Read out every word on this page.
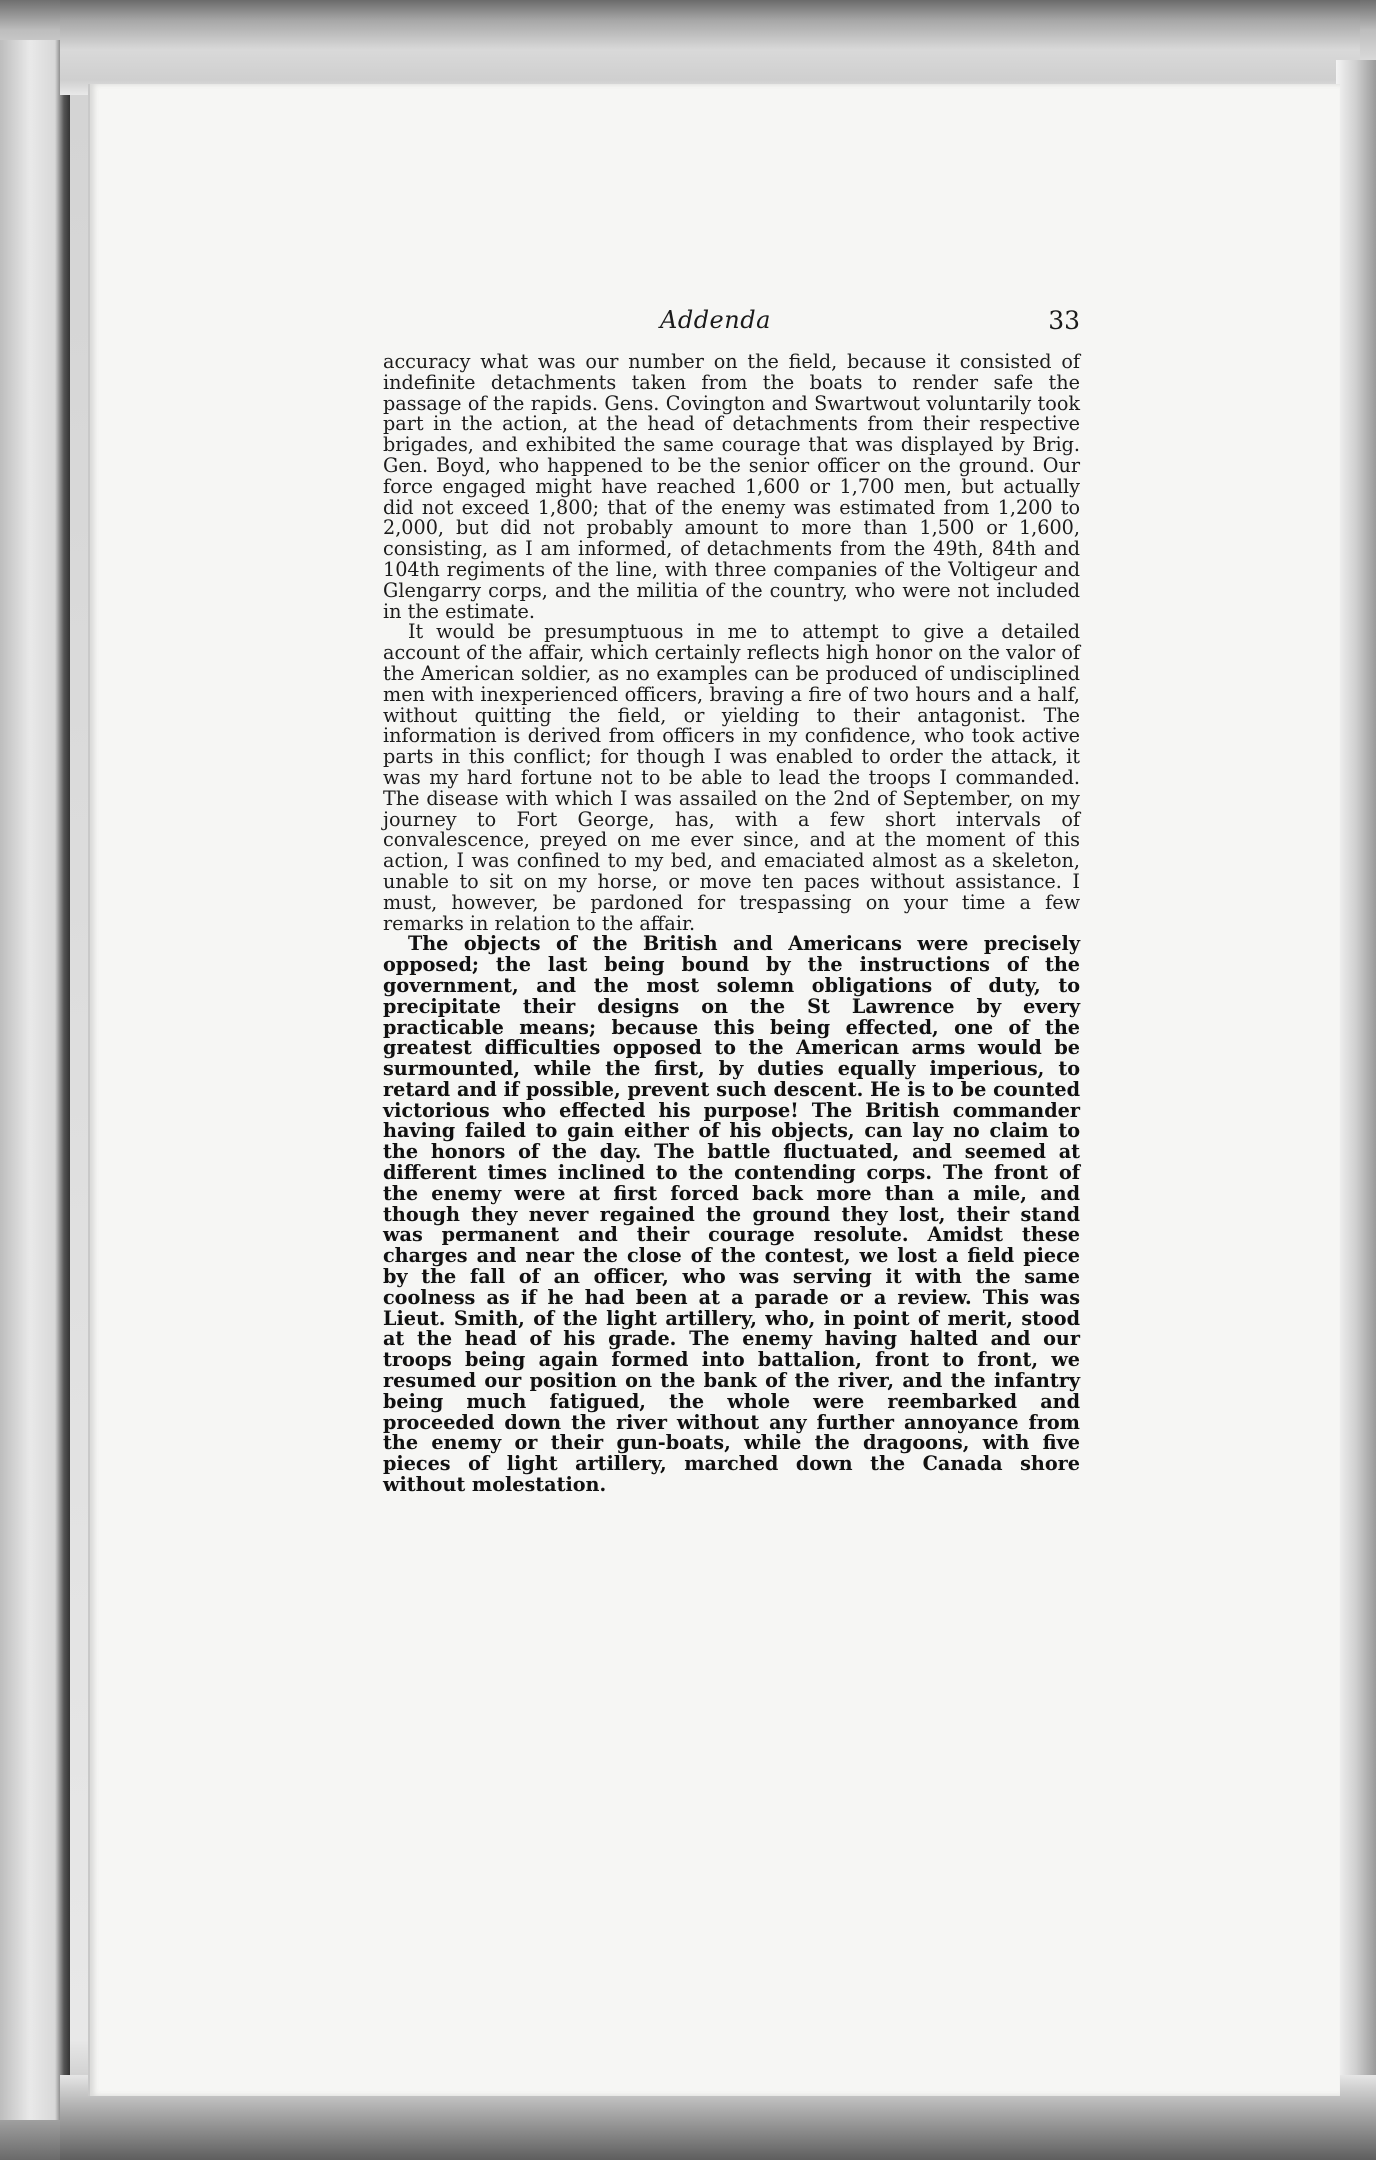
Addenda	33

accuracy what was our number on the field, because it consisted of indefinite detachments taken from the boats to render safe the passage of the rapids. Gens. Covington and Swartwout voluntarily took part in the action, at the head of detachments from their respective brigades, and exhibited the same courage that was displayed by Brig. Gen. Boyd, who happened to be the senior officer on the ground. Our force engaged might have reached 1,600 or 1,700 men, but actually did not exceed 1,800; that of the enemy was estimated from 1,200 to 2,000, but did not probably amount to more than 1,500 or 1,600, consisting, as I am informed, of detachments from the 49th, 84th and 104th regiments of the line, with three companies of the Voltigeur and Glengarry corps, and the militia of the country, who were not included in the estimate.

It would be presumptuous in me to attempt to give a detailed account of the affair, which certainly reflects high honor on the valor of the American soldier, as no examples can be produced of undisciplined men with inexperienced officers, braving a fire of two hours and a half, without quitting the field, or yielding to their antagonist. The information is derived from officers in my confidence, who took active parts in this conflict; for though I was enabled to order the attack, it was my hard fortune not to be able to lead the troops I commanded. The disease with which I was assailed on the 2nd of September, on my journey to Fort George, has, with a few short intervals of convalescence, preyed on me ever since, and at the moment of this action, I was confined to my bed, and emaciated almost as a skeleton, unable to sit on my horse, or move ten paces without assistance. I must, however, be pardoned for trespassing on your time a few remarks in relation to the affair.

The objects of the British and Americans were precisely opposed; the last being bound by the instructions of the government, and the most solemn obligations of duty, to precipitate their designs on the St Lawrence by every practicable means; because this being effected, one of the greatest difficulties opposed to the American arms would be surmounted, while the first, by duties equally imperious, to retard and if possible, prevent such descent. He is to be counted victorious who effected his purpose! The British commander having failed to gain either of his objects, can lay no claim to the honors of the day. The battle fluctuated, and seemed at different times inclined to the contending corps. The front of the enemy were at first forced back more than a mile, and though they never regained the ground they lost, their stand was permanent and their courage resolute. Amidst these charges and near the close of the contest, we lost a field piece by the fall of an officer, who was serving it with the same coolness as if he had been at a parade or a review. This was Lieut. Smith, of the light artillery, who, in point of merit, stood at the head of his grade. The enemy having halted and our troops being again formed into battalion, front to front, we resumed our position on the bank of the river, and the infantry being much fatigued, the whole were reembarked and proceeded down the river without any further annoyance from the enemy or their gun-boats, while the dragoons, with five pieces of light artillery, marched down the Canada shore without molestation.
